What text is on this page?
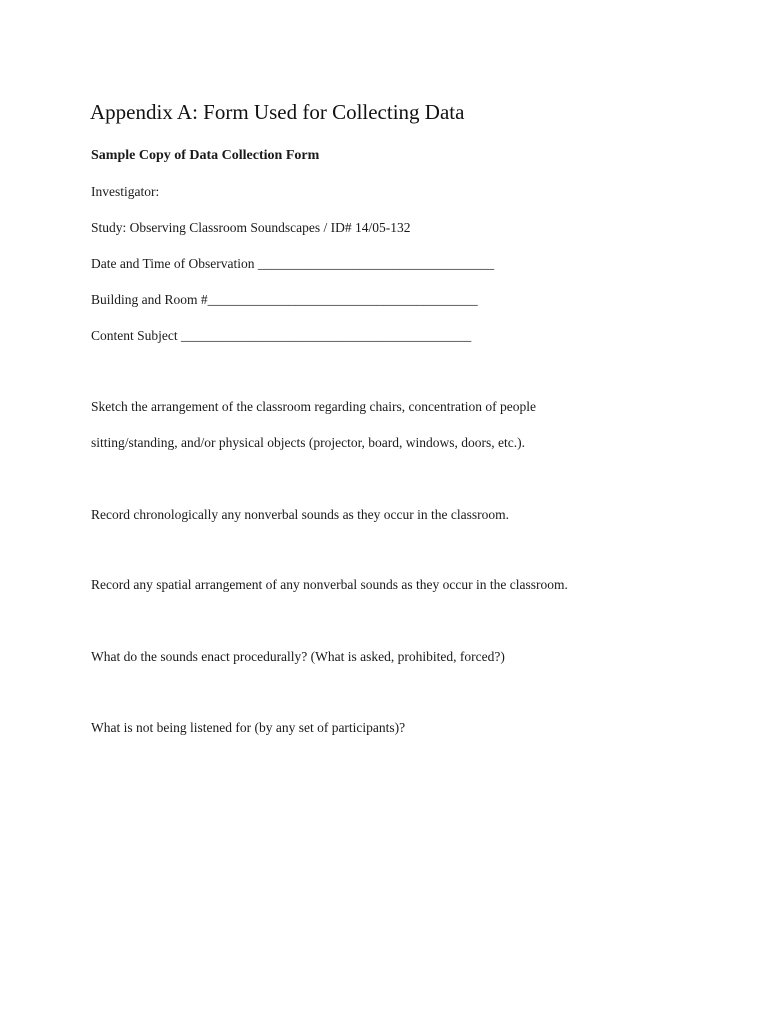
Appendix A: Form Used for Collecting Data
Sample Copy of Data Collection Form
Investigator:
Study: Observing Classroom Soundscapes / ID# 14/05-132
Date and Time of Observation ___________________________________
Building and Room #________________________________________
Content Subject ___________________________________________
Sketch the arrangement of the classroom regarding chairs, concentration of people
sitting/standing, and/or physical objects (projector, board, windows, doors, etc.).
Record chronologically any nonverbal sounds as they occur in the classroom.
Record any spatial arrangement of any nonverbal sounds as they occur in the classroom.
What do the sounds enact procedurally? (What is asked, prohibited, forced?)
What is not being listened for (by any set of participants)?
